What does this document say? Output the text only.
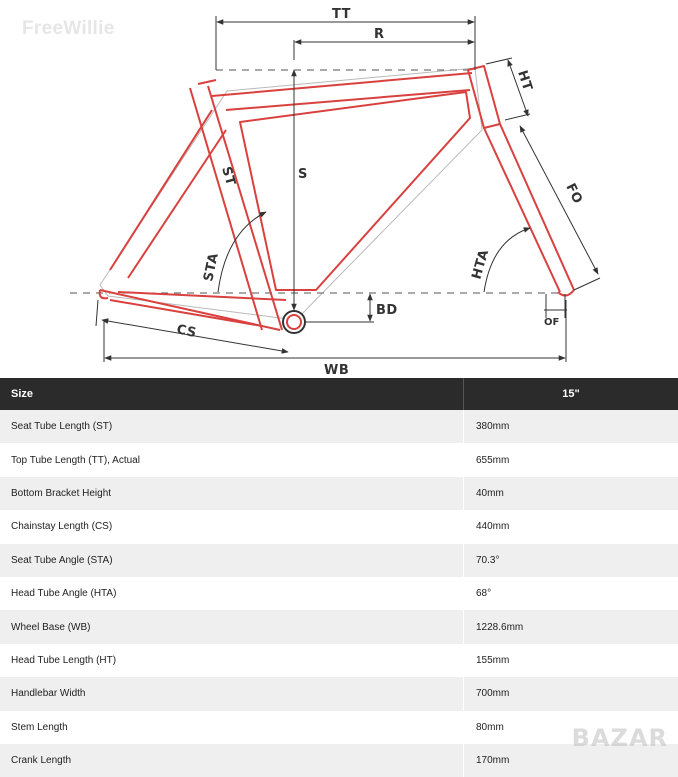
TT
R
S
BD
HT
FO
ST
STA	HTA
CS
WB
OF
FreeWillie
Size	15"
Seat Tube Length (ST)	380mm
Top Tube Length (TT), Actual	655mm
Bottom Bracket Height	40mm
Chainstay Length (CS)	440mm
Seat Tube Angle (STA)	70.3°
Head Tube Angle (HTA)	68°
Wheel Base (WB)	1228.6mm
Head Tube Length (HT)	155mm
Handlebar Width	700mm
Stem Length	80mm
Crank Length	170mm
BAZAR
